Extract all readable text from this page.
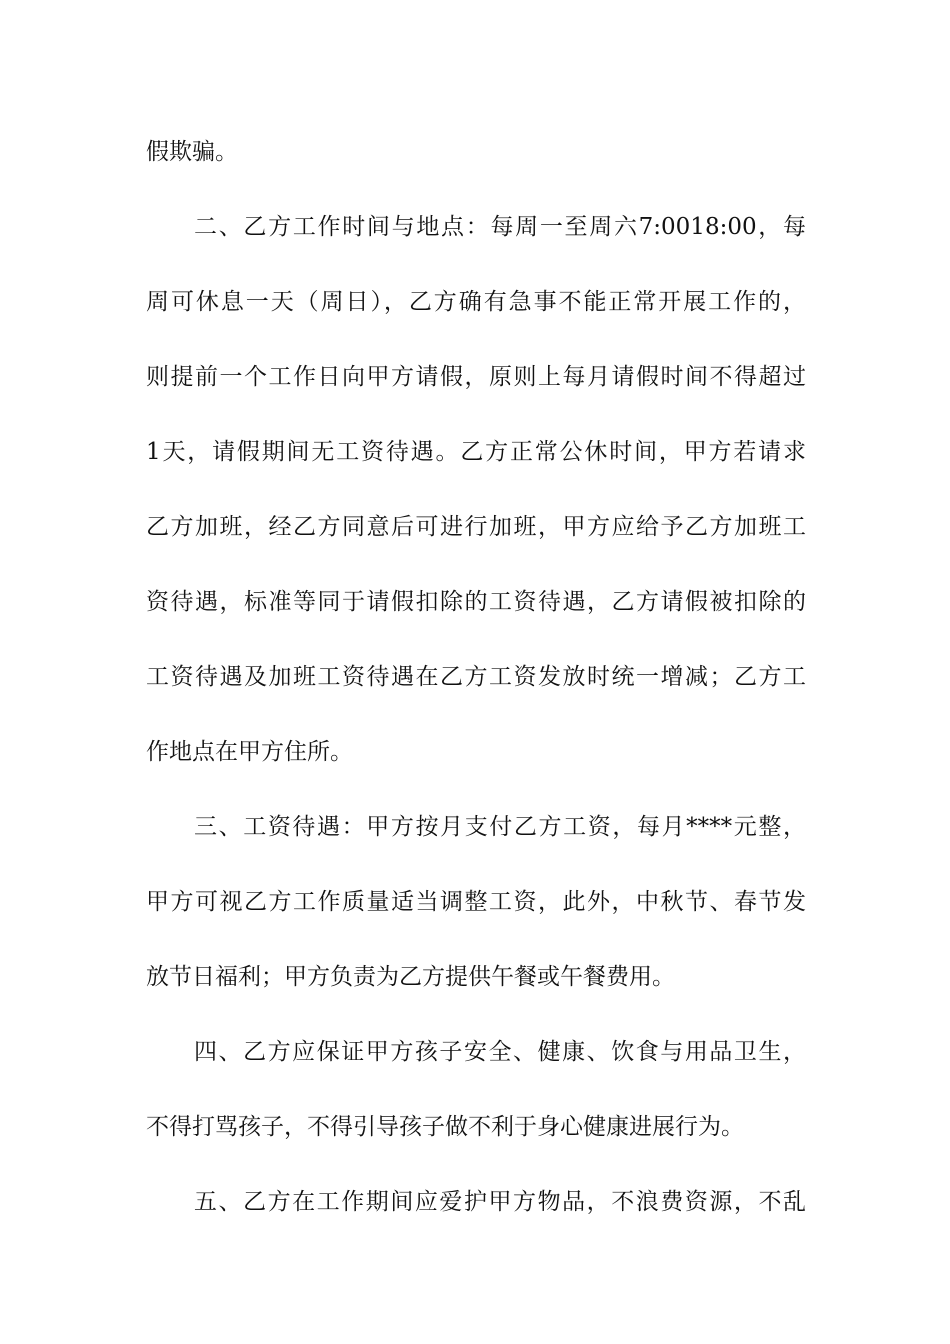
假欺骗。
二、乙方工作时间与地点：每周一至周六7:0018:00，每
周可休息一天（周日），乙方确有急事不能正常开展工作的，
则提前一个工作日向甲方请假，原则上每月请假时间不得超过
1天，请假期间无工资待遇。乙方正常公休时间，甲方若请求
乙方加班，经乙方同意后可进行加班，甲方应给予乙方加班工
资待遇，标准等同于请假扣除的工资待遇，乙方请假被扣除的
工资待遇及加班工资待遇在乙方工资发放时统一增减；乙方工
作地点在甲方住所。
三、工资待遇：甲方按月支付乙方工资，每月****元整，
甲方可视乙方工作质量适当调整工资，此外，中秋节、春节发
放节日福利；甲方负责为乙方提供午餐或午餐费用。
四、乙方应保证甲方孩子安全、健康、饮食与用品卫生，
不得打骂孩子，不得引导孩子做不利于身心健康进展行为。
五、乙方在工作期间应爱护甲方物品，不浪费资源，不乱
